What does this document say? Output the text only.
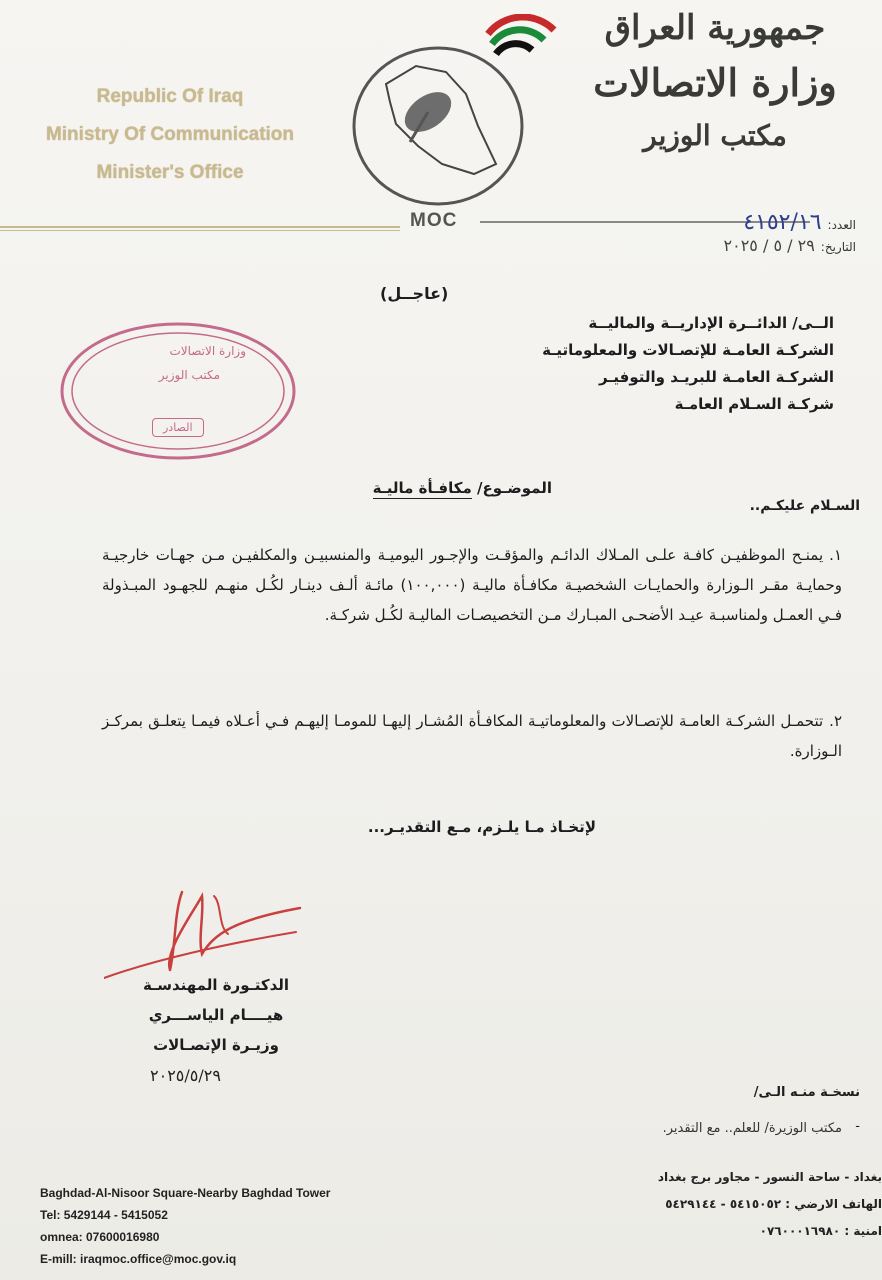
Republic Of Iraq
Ministry Of Communication
Minister's Office
جمهورية العراق
وزارة الاتصالات
مكتب الوزير
MOC	العدد:
٤١٥٢/١٦
التاريخ:
٢٩ / ٥ / ٢٠٢٥
(عاجــل)
الــى/ الدائــرة الإداريــة والماليــة
الشركـة العامـة للإتصـالات والمعلوماتيـة
الشركـة العامـة للبريـد والتوفيـر
شركـة السـلام العامـة
وزارة الاتصالات
مكتب الوزير
الصادر
الموضـوع/ مكافـأة ماليـة
السـلام عليكـم..
١.يمنـح الموظفيـن كافـة علـى المـلاك الدائـم والمؤقـت والإجـور اليوميـة والمنسبيـن والمكلفيـن مـن جهـات خارجيـة وحمايـة مقـر الـوزارة والحمايـات الشخصيـة مكافـأة ماليـة (١٠٠,٠٠٠) مائـة ألـف دينـار لكُـل منهـم للجهـود المبـذولة فـي العمـل ولمناسبـة عيـد الأضحـى المبـارك مـن التخصيصـات الماليـة لكُـل شركـة.
٢.تتحمـل الشركـة العامـة للإتصـالات والمعلوماتيـة المكافـأة المُشـار إليهـا للمومـا إليهـم فـي أعـلاه فيمـا يتعلـق بمركـز الـوزارة.
لإتخـاذ مـا يلـزم، مـع التقديـر...
الدكتـورة المهندسـة
هيــــام الياســـري
وزيـرة الإتصـالات
٢٠٢٥/٥/٢٩
نسخـة منـه الـى/
-
مكتب الوزيرة/ للعلم.. مع التقدير.
Baghdad-Al-Nisoor Square-Nearby Baghdad Tower
Tel: 5429144 - 5415052
omnea: 07600016980
E-mill: iraqmoc.office@moc.gov.iq
بغداد - ساحة النسور - مجاور برج بغداد
الهاتف الارضي : ٥٤١٥٠٥٢ - ٥٤٢٩١٤٤
امنية : ٠٧٦٠٠٠١٦٩٨٠
